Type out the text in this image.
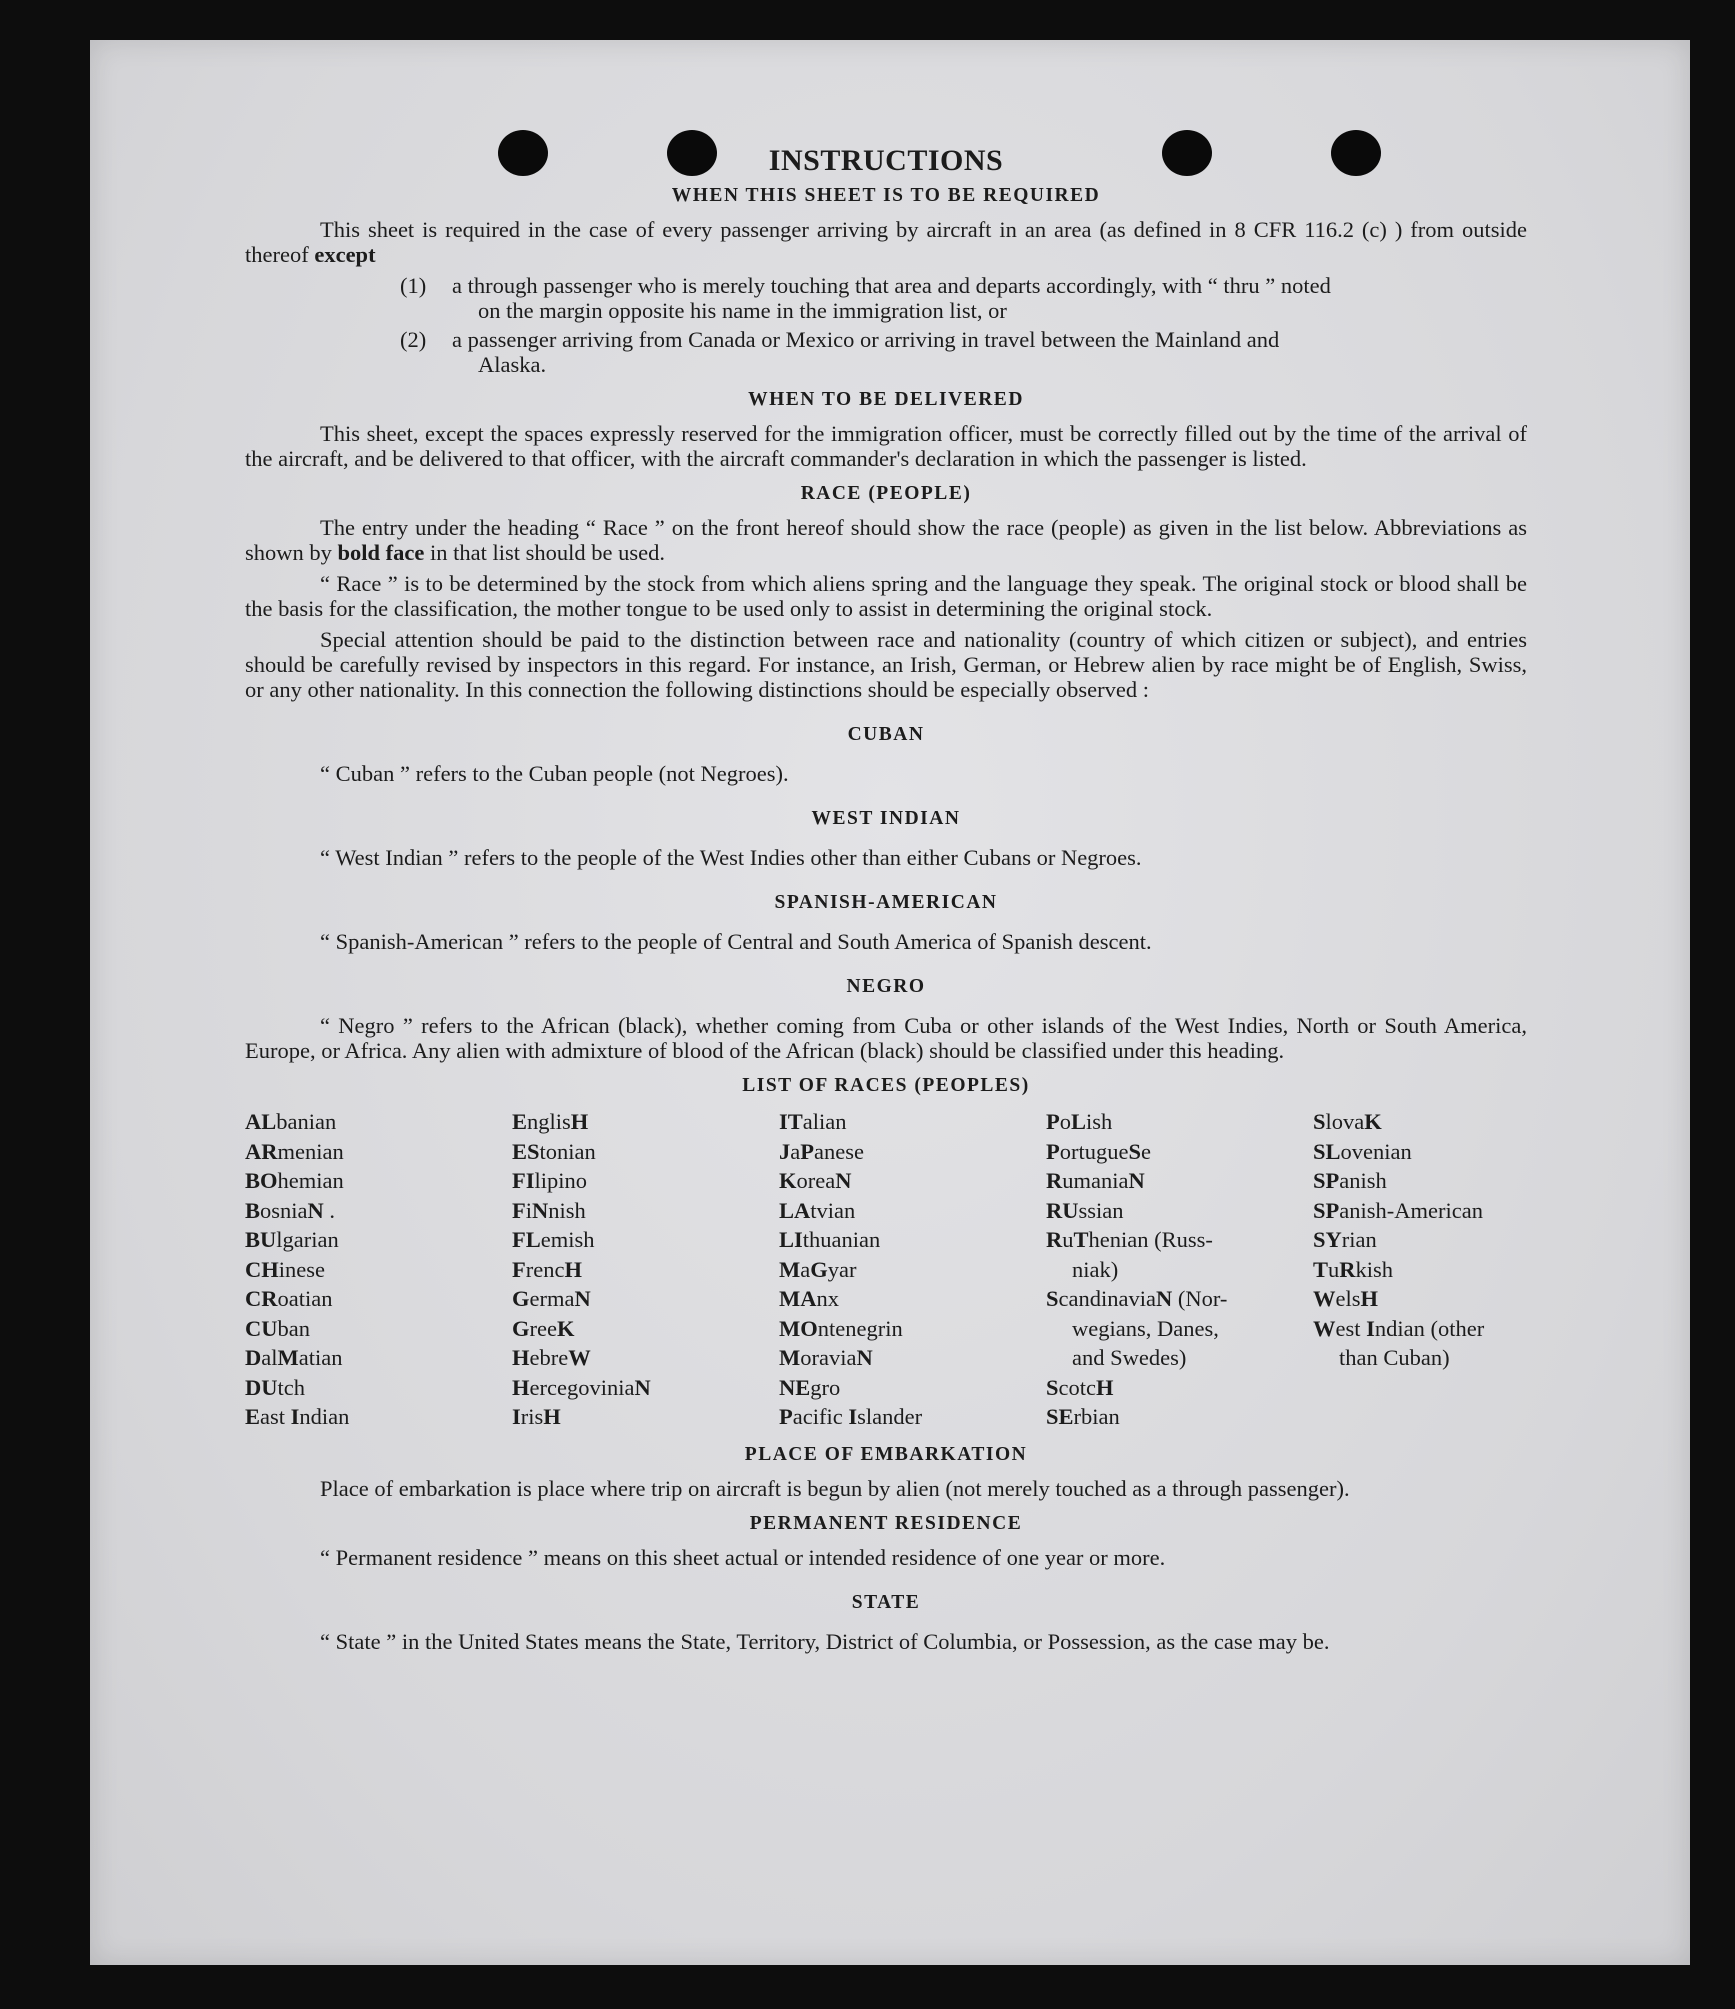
INSTRUCTIONS
WHEN THIS SHEET IS TO BE REQUIRED

This sheet is required in the case of every passenger arriving by aircraft in an area (as defined in 8 CFR 116.2 (c) ) from outside thereof except

(1)	a through passenger who is merely touching that area and departs accordingly, with “ thru ” noted
on the margin opposite his name in the immigration list, or
(2)	a passenger arriving from Canada or Mexico or arriving in travel between the Mainland and
Alaska.
WHEN TO BE DELIVERED

This sheet, except the spaces expressly reserved for the immigration officer, must be correctly filled out by the time of the arrival of the aircraft, and be delivered to that officer, with the aircraft commander's declaration in which the passenger is listed.

RACE (PEOPLE)

The entry under the heading “ Race ” on the front hereof should show the race (people) as given in the list below. Abbreviations as shown by bold face in that list should be used.

“ Race ” is to be determined by the stock from which aliens spring and the language they speak. The original stock or blood shall be the basis for the classification, the mother tongue to be used only to assist in determining the original stock.

Special attention should be paid to the distinction between race and nationality (country of which citizen or subject), and entries should be carefully revised by inspectors in this regard. For instance, an Irish, German, or Hebrew alien by race might be of English, Swiss, or any other nationality. In this connection the following distinctions should be especially observed :

CUBAN

“ Cuban ” refers to the Cuban people (not Negroes).

WEST INDIAN

“ West Indian ” refers to the people of the West Indies other than either Cubans or Negroes.

SPANISH-AMERICAN

“ Spanish-American ” refers to the people of Central and South America of Spanish descent.

NEGRO

“ Negro ” refers to the African (black), whether coming from Cuba or other islands of the West Indies, North or South America, Europe, or Africa. Any alien with admixture of blood of the African (black) should be classified under this heading.

LIST OF RACES (PEOPLES)
ALbanian
ARmenian
BOhemian
BosniaN .
BUlgarian
CHinese
CRoatian
CUban
DalMatian
DUtch
East Indian
EnglisH
EStonian
FIlipino
FiNnish
FLemish
FrencH
GermaN
GreeK
HebreW
HercegoviniaN
IrisH
ITalian
JaPanese
KoreaN
LAtvian
LIthuanian
MaGyar
MAnx
MOntenegrin
MoraviaN
NEgro
Pacific Islander
PoLish
PortugueSe
RumaniaN
RUssian
RuThenian (Russ-
niak)
ScandinaviaN (Nor-
wegians, Danes,
and Swedes)
ScotcH
SErbian
SlovaK
SLovenian
SPanish
SPanish-American
SYrian
TuRkish
WelsH
West Indian (other
than Cuban)
PLACE OF EMBARKATION

Place of embarkation is place where trip on aircraft is begun by alien (not merely touched as a through passenger).

PERMANENT RESIDENCE

“ Permanent residence ” means on this sheet actual or intended residence of one year or more.

STATE

“ State ” in the United States means the State, Territory, District of Columbia, or Possession, as the case may be.
